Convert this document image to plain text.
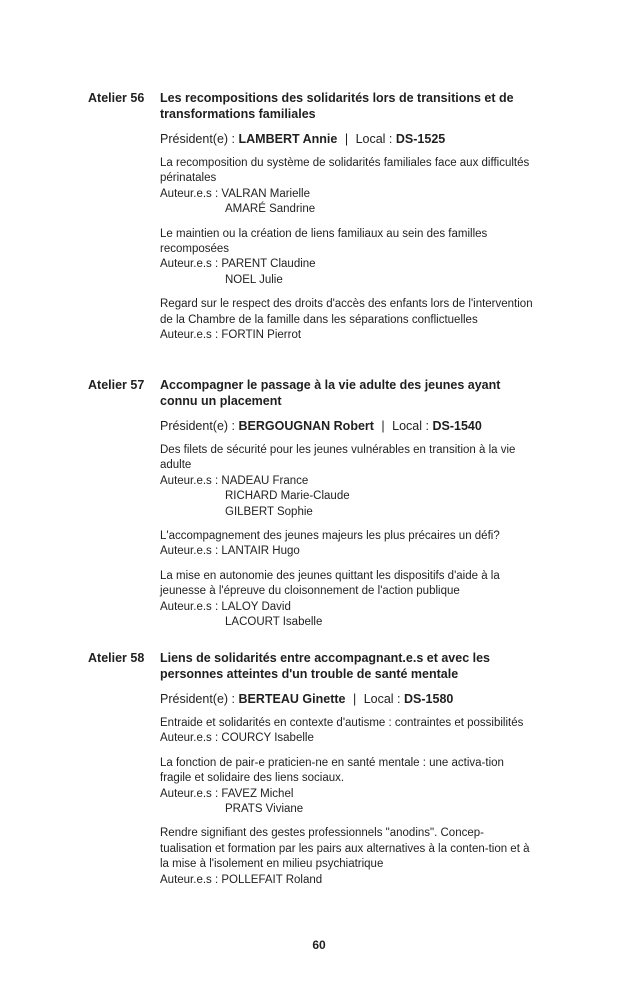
Atelier 56 Les recompositions des solidarités lors de transitions et de transformations familiales
Président(e) : LAMBERT Annie | Local : DS-1525
La recomposition du système de solidarités familiales face aux difficultés périnatales
Auteur.e.s : VALRAN Marielle
AMARÉ Sandrine
Le maintien ou la création de liens familiaux au sein des familles recomposées
Auteur.e.s : PARENT Claudine
NOEL Julie
Regard sur le respect des droits d'accès des enfants lors de l'intervention de la Chambre de la famille dans les séparations conflictuelles
Auteur.e.s : FORTIN Pierrot
Atelier 57 Accompagner le passage à la vie adulte des jeunes ayant connu un placement
Président(e) : BERGOUGNAN Robert | Local : DS-1540
Des filets de sécurité pour les jeunes vulnérables en transition à la vie adulte
Auteur.e.s : NADEAU France
RICHARD Marie-Claude
GILBERT Sophie
L'accompagnement des jeunes majeurs les plus précaires un défi?
Auteur.e.s : LANTAIR Hugo
La mise en autonomie des jeunes quittant les dispositifs d'aide à la jeunesse à l'épreuve du cloisonnement de l'action publique
Auteur.e.s : LALOY David
LACOURT Isabelle
Atelier 58 Liens de solidarités entre accompagnant.e.s et avec les personnes atteintes d'un trouble de santé mentale
Président(e) : BERTEAU Ginette | Local : DS-1580
Entraide et solidarités en contexte d'autisme : contraintes et possibilités
Auteur.e.s : COURCY Isabelle
La fonction de pair-e praticien-ne en santé mentale : une activa-tion fragile et solidaire des liens sociaux.
Auteur.e.s : FAVEZ Michel
PRATS Viviane
Rendre signifiant des gestes professionnels "anodins". Concep-tualisation et formation par les pairs aux alternatives à la conten-tion et à la mise à l'isolement en milieu psychiatrique
Auteur.e.s : POLLEFAIT Roland
60
